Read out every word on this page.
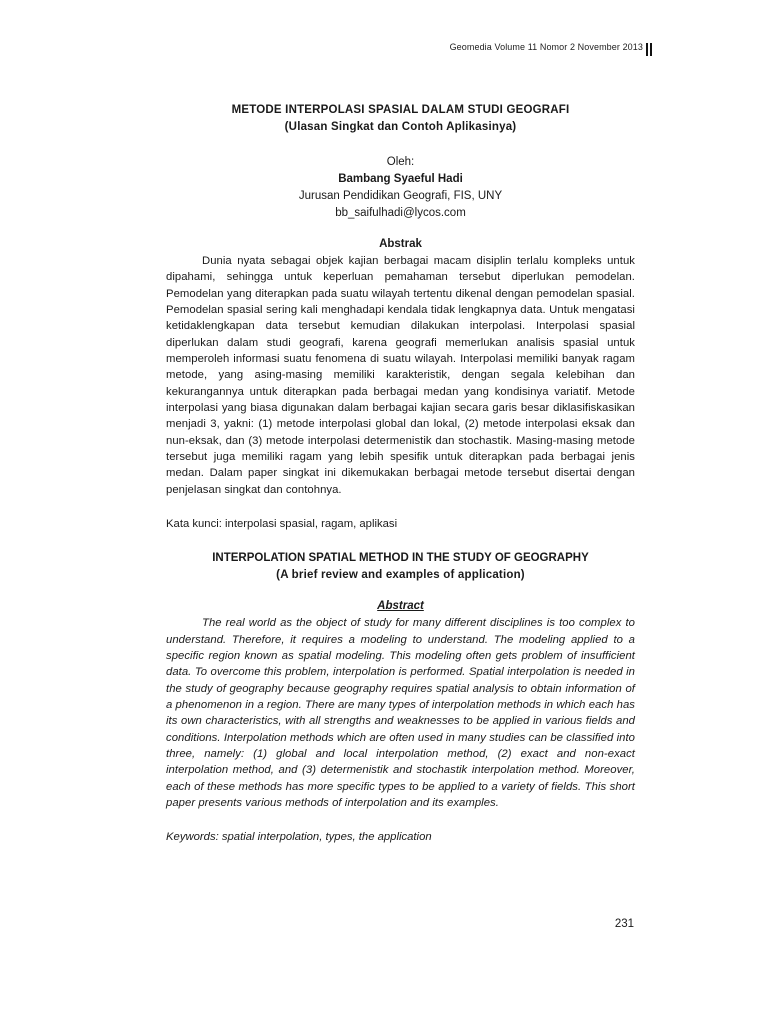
Geomedia Volume 11 Nomor 2 November 2013
METODE INTERPOLASI SPASIAL DALAM STUDI GEOGRAFI
(Ulasan Singkat dan Contoh Aplikasinya)
Oleh:
Bambang Syaeful Hadi
Jurusan Pendidikan Geografi, FIS, UNY
bb_saifulhadi@lycos.com
Abstrak

Dunia nyata sebagai objek kajian berbagai macam disiplin terlalu kompleks untuk dipahami, sehingga untuk keperluan pemahaman tersebut diperlukan pemodelan. Pemodelan yang diterapkan pada suatu wilayah tertentu dikenal dengan pemodelan spasial. Pemodelan spasial sering kali menghadapi kendala tidak lengkapnya data. Untuk mengatasi ketidaklengkapan data tersebut kemudian dilakukan interpolasi. Interpolasi spasial diperlukan dalam studi geografi, karena geografi memerlukan analisis spasial untuk memperoleh informasi suatu fenomena di suatu wilayah. Interpolasi memiliki banyak ragam metode, yang asing-masing memiliki karakteristik, dengan segala kelebihan dan kekurangannya untuk diterapkan pada berbagai medan yang kondisinya variatif. Metode interpolasi yang biasa digunakan dalam berbagai kajian secara garis besar diklasifiskasikan menjadi 3, yakni: (1) metode interpolasi global dan lokal, (2) metode interpolasi eksak dan nun-eksak, dan (3) metode interpolasi determenistik dan stochastik. Masing-masing metode tersebut juga memiliki ragam yang lebih spesifik untuk diterapkan pada berbagai jenis medan. Dalam paper singkat ini dikemukakan berbagai metode tersebut disertai dengan penjelasan singkat dan contohnya.

Kata kunci: interpolasi spasial, ragam, aplikasi
INTERPOLATION SPATIAL METHOD IN THE STUDY OF GEOGRAPHY
(A brief review and examples of application)
Abstract

The real world as the object of study for many different disciplines is too complex to understand. Therefore, it requires a modeling to understand. The modeling applied to a specific region known as spatial modeling. This modeling often gets problem of insufficient data. To overcome this problem, interpolation is performed. Spatial interpolation is needed in the study of geography because geography requires spatial analysis to obtain information of a phenomenon in a region. There are many types of interpolation methods in which each has its own characteristics, with all strengths and weaknesses to be applied in various fields and conditions. Interpolation methods which are often used in many studies can be classified into three, namely: (1) global and local interpolation method, (2) exact and non-exact interpolation method, and (3) determenistik and stochastik interpolation method. Moreover, each of these methods has more specific types to be applied to a variety of fields. This short paper presents various methods of interpolation and its examples.

Keywords: spatial interpolation, types, the application
231
